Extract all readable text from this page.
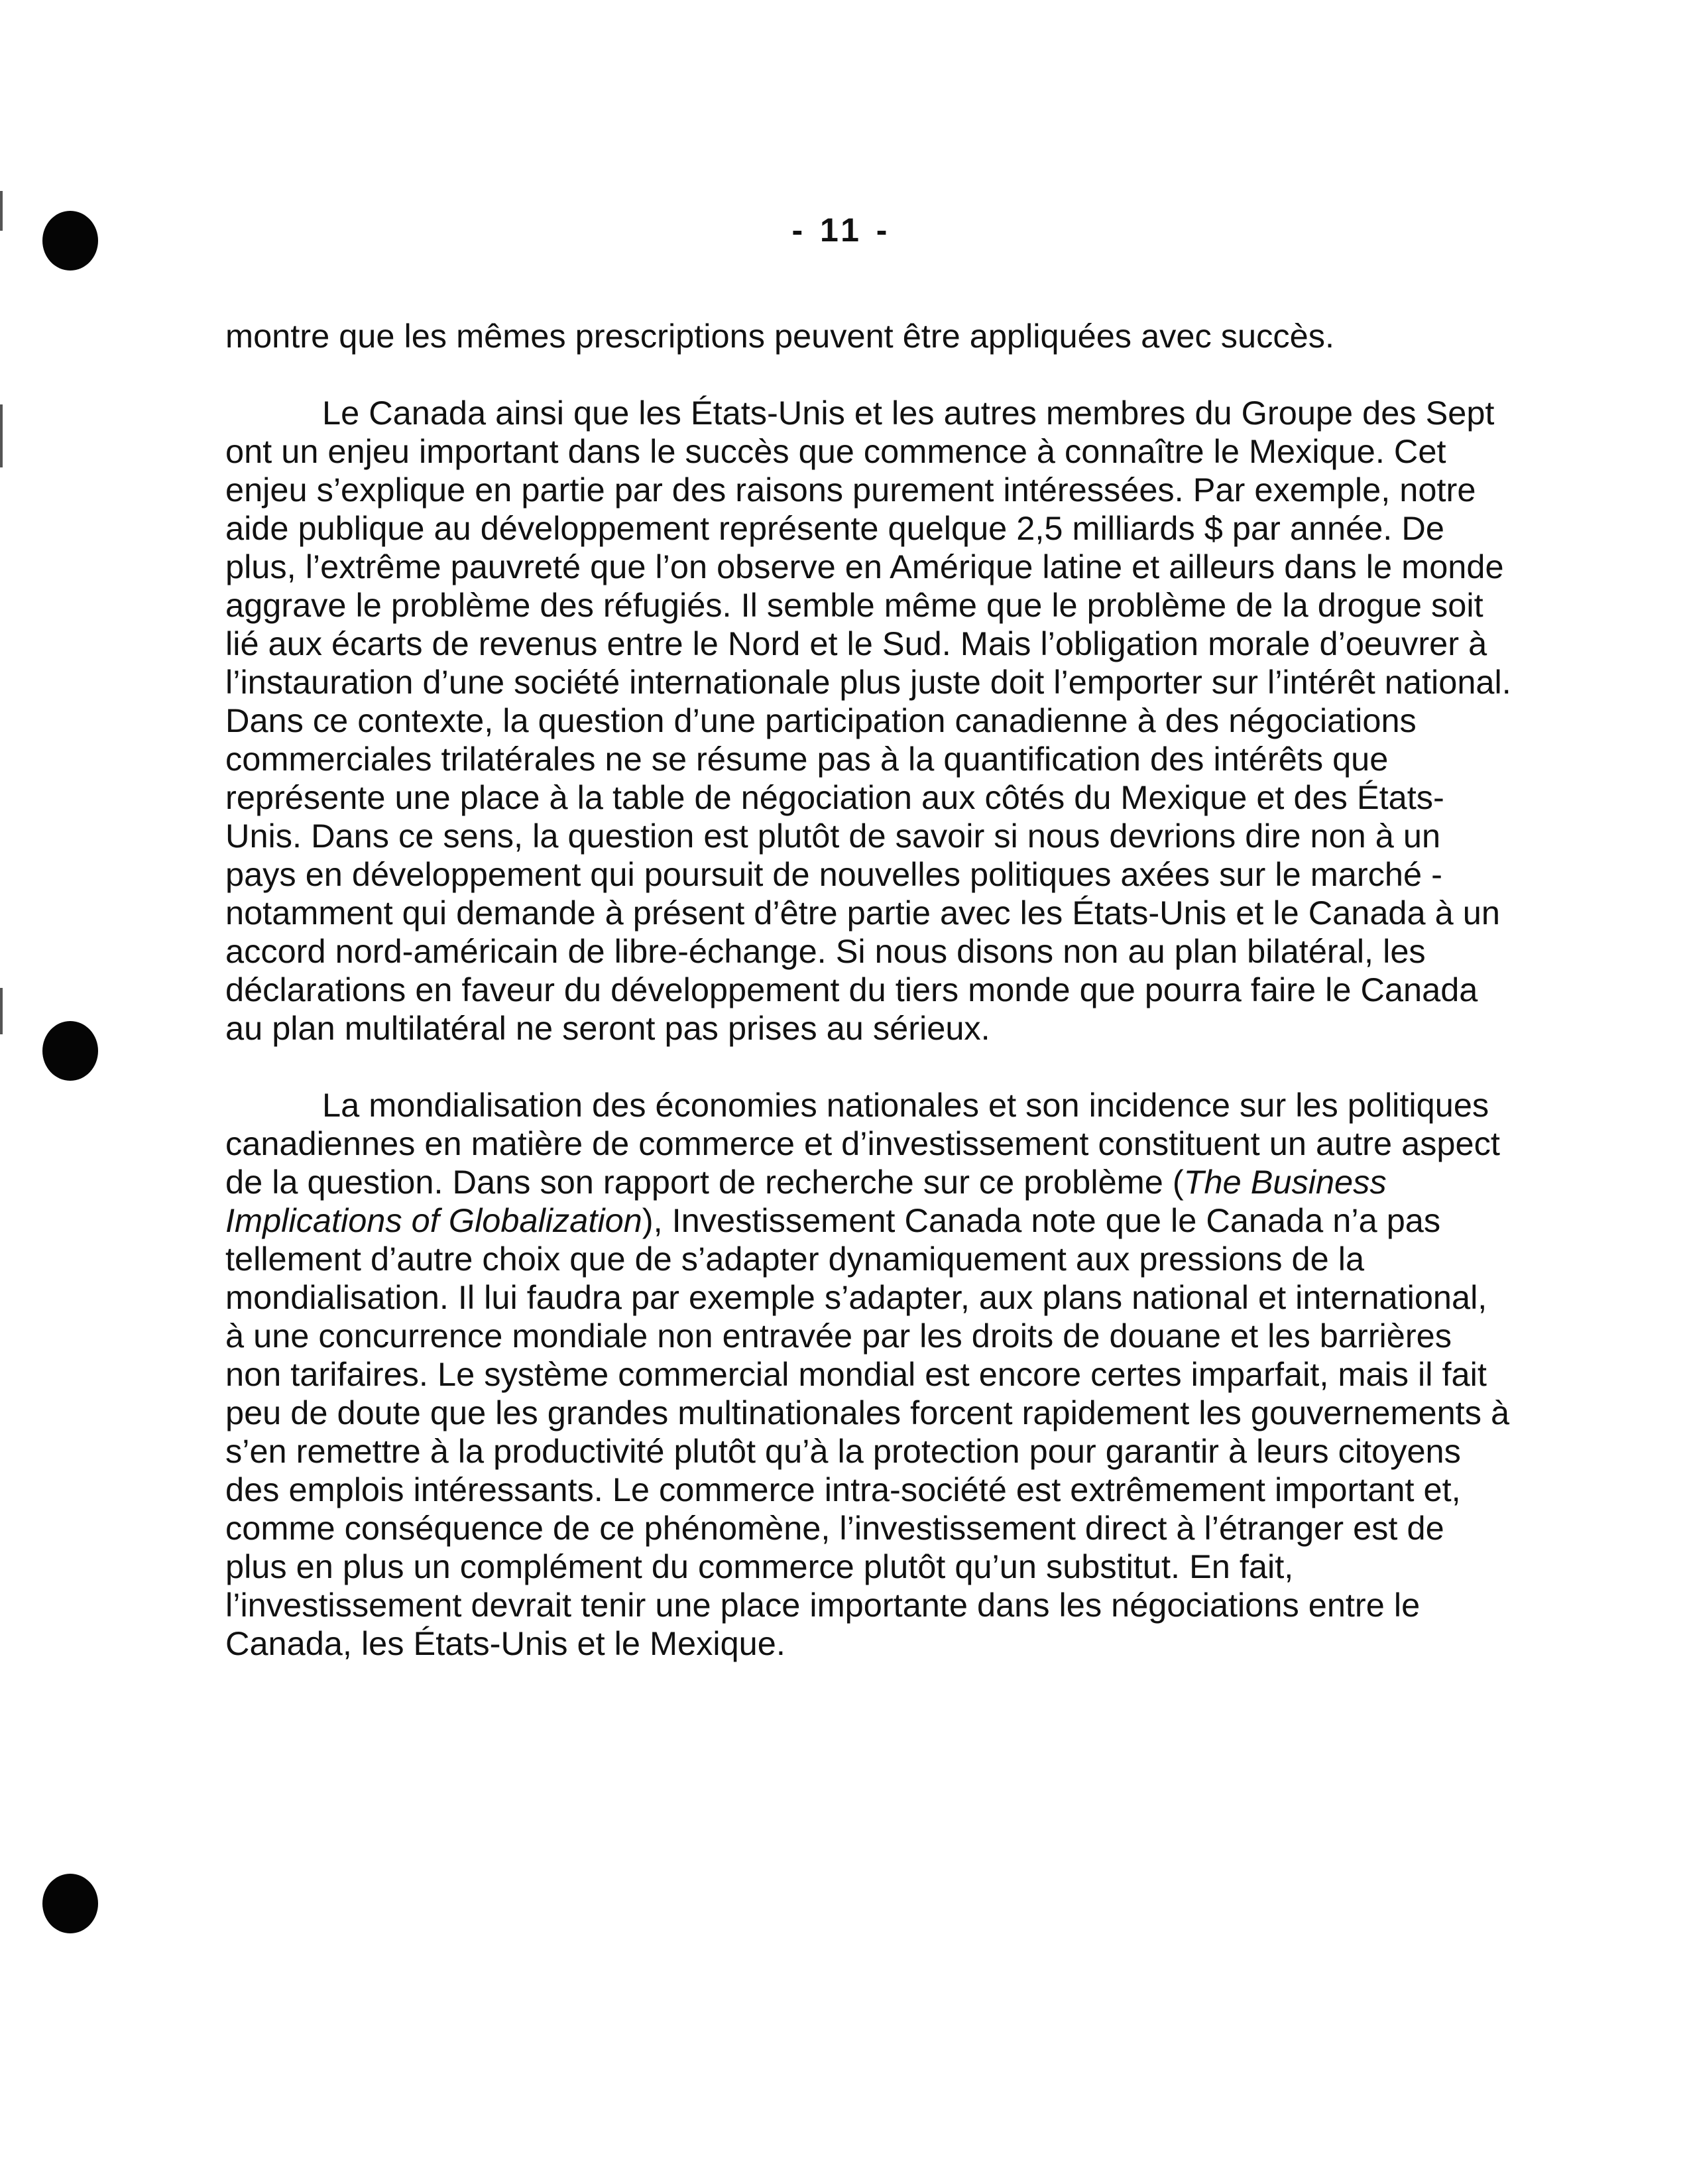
- 11 -

montre que les mêmes prescriptions peuvent être appliquées avec succès.

Le Canada ainsi que les États-Unis et les autres membres du Groupe des Sept ont un enjeu important dans le succès que commence à connaître le Mexique. Cet enjeu s’explique en partie par des raisons purement intéressées. Par exemple, notre aide publique au développement représente quelque 2,5 milliards $ par année. De plus, l’extrême pauvreté que l’on observe en Amérique latine et ailleurs dans le monde aggrave le problème des réfugiés. Il semble même que le problème de la drogue soit lié aux écarts de revenus entre le Nord et le Sud. Mais l’obligation morale d’oeuvrer à l’instauration d’une société internationale plus juste doit l’emporter sur l’intérêt national. Dans ce contexte, la question d’une participation canadienne à des négociations commerciales trilatérales ne se résume pas à la quantification des intérêts que représente une place à la table de négociation aux côtés du Mexique et des États-Unis. Dans ce sens, la question est plutôt de savoir si nous devrions dire non à un pays en développement qui poursuit de nouvelles politiques axées sur le marché - notamment qui demande à présent d’être partie avec les États-Unis et le Canada à un accord nord-américain de libre-échange. Si nous disons non au plan bilatéral, les déclarations en faveur du développement du tiers monde que pourra faire le Canada au plan multilatéral ne seront pas prises au sérieux.

La mondialisation des économies nationales et son incidence sur les politiques canadiennes en matière de commerce et d’investissement constituent un autre aspect de la question. Dans son rapport de recherche sur ce problème (The Business Implications of Globalization), Investissement Canada note que le Canada n’a pas tellement d’autre choix que de s’adapter dynamiquement aux pressions de la mondialisation. Il lui faudra par exemple s’adapter, aux plans national et international, à une concurrence mondiale non entravée par les droits de douane et les barrières non tarifaires. Le système commercial mondial est encore certes imparfait, mais il fait peu de doute que les grandes multinationales forcent rapidement les gouvernements à s’en remettre à la productivité plutôt qu’à la protection pour garantir à leurs citoyens des emplois intéressants. Le commerce intra-société est extrêmement important et, comme conséquence de ce phénomène, l’investissement direct à l’étranger est de plus en plus un complément du commerce plutôt qu’un substitut. En fait, l’investissement devrait tenir une place importante dans les négociations entre le Canada, les États-Unis et le Mexique.
